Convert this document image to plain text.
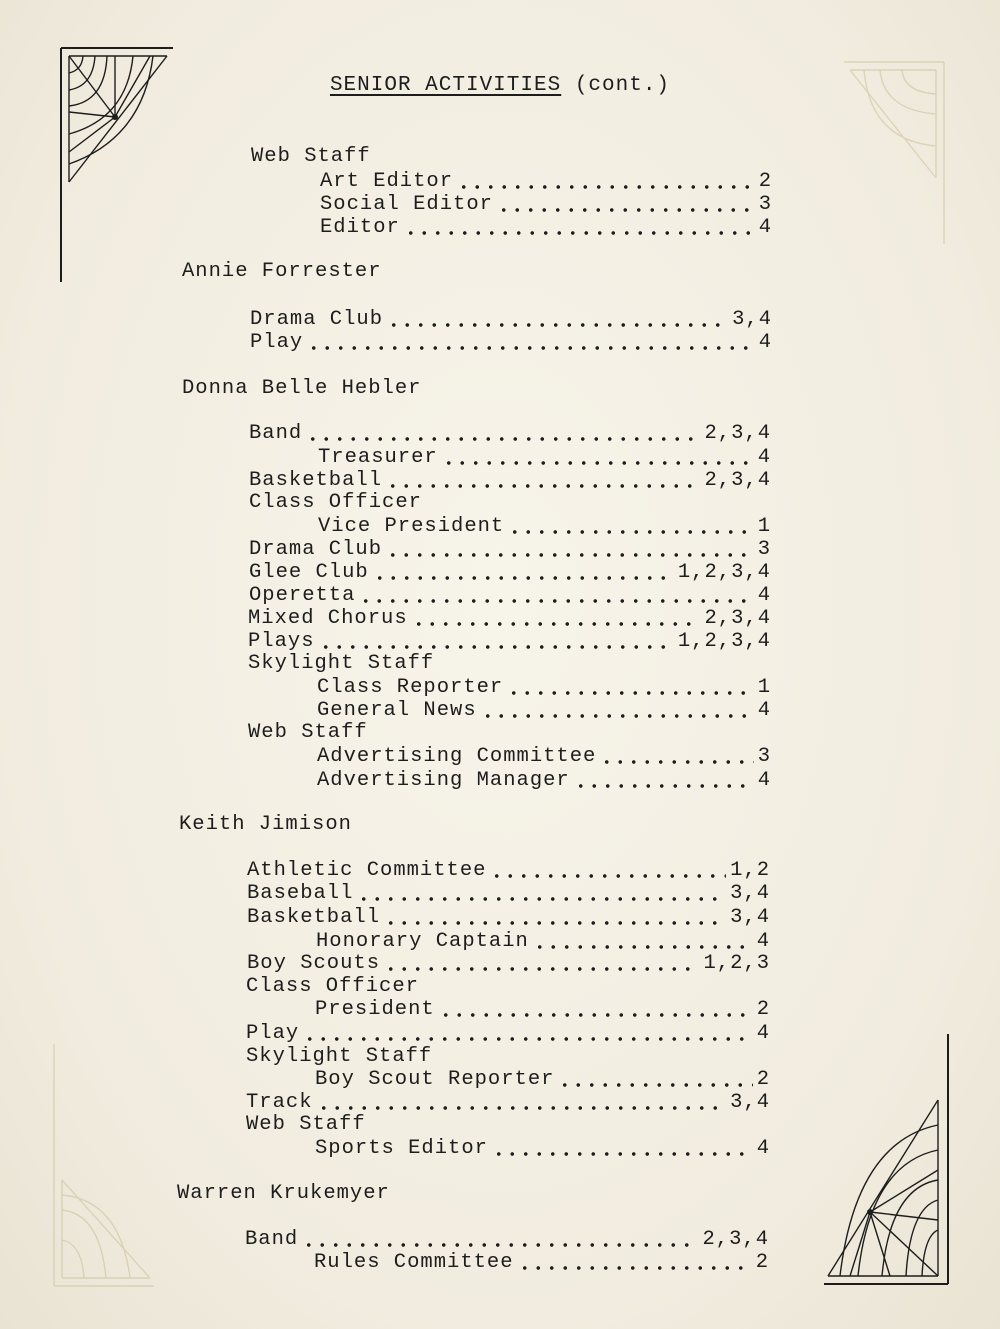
SENIOR ACTIVITIES (cont.)
Web Staff
Art Editor	2
Social Editor	3
Editor	4
Annie Forrester
Drama Club	3,4
Play	4
Donna Belle Hebler
Band	2,3,4
Treasurer	4
Basketball	2,3,4
Class Officer
Vice President	1
Drama Club	3
Glee Club	1,2,3,4
Operetta	4
Mixed Chorus	2,3,4
Plays	1,2,3,4
Skylight Staff
Class Reporter	1
General News	4
Web Staff
Advertising Committee	3
Advertising Manager	4
Keith Jimison
Athletic Committee	1,2
Baseball	3,4
Basketball	3,4
Honorary Captain	4
Boy Scouts	1,2,3
Class Officer
President	2
Play	4
Skylight Staff
Boy Scout Reporter	2
Track	3,4
Web Staff
Sports Editor	4
Warren Krukemyer
Band	2,3,4
Rules Committee	2
